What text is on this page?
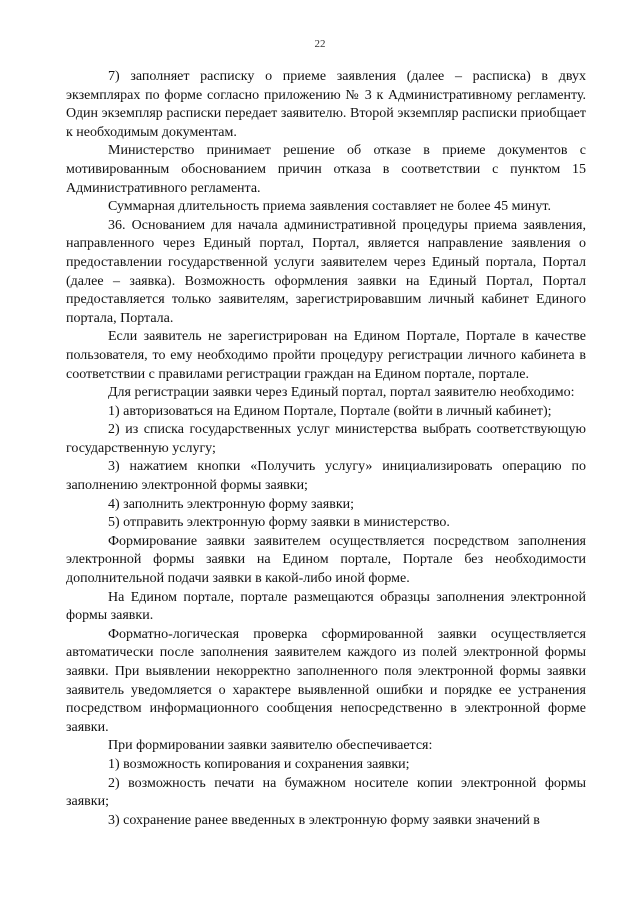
22

7) заполняет расписку о приеме заявления (далее – расписка) в двух экземплярах по форме согласно приложению № 3 к Административному регламенту. Один экземпляр расписки передает заявителю. Второй экземпляр расписки приобщает к необходимым документам.

Министерство принимает решение об отказе в приеме документов с мотивированным обоснованием причин отказа в соответствии с пунктом 15 Административного регламента.

Суммарная длительность приема заявления составляет не более 45 минут.

36. Основанием для начала административной процедуры приема заявления, направленного через Единый портал, Портал, является направление заявления о предоставлении государственной услуги заявителем через Единый портала, Портал (далее – заявка). Возможность оформления заявки на Единый Портал, Портал предоставляется только заявителям, зарегистрировавшим личный кабинет Единого портала, Портала.

Если заявитель не зарегистрирован на Едином Портале, Портале в качестве пользователя, то ему необходимо пройти процедуру регистрации личного кабинета в соответствии с правилами регистрации граждан на Едином портале, портале.

Для регистрации заявки через Единый портал, портал заявителю необходимо:

1) авторизоваться на Едином Портале, Портале (войти в личный кабинет);

2) из списка государственных услуг министерства выбрать соответствующую государственную услугу;

3) нажатием кнопки «Получить услугу» инициализировать операцию по заполнению электронной формы заявки;

4) заполнить электронную форму заявки;

5) отправить электронную форму заявки в министерство.

Формирование заявки заявителем осуществляется посредством заполнения электронной формы заявки на Едином портале, Портале без необходимости дополнительной подачи заявки в какой-либо иной форме.

На Едином портале, портале размещаются образцы заполнения электронной формы заявки.

Форматно-логическая проверка сформированной заявки осуществляется автоматически после заполнения заявителем каждого из полей электронной формы заявки. При выявлении некорректно заполненного поля электронной формы заявки заявитель уведомляется о характере выявленной ошибки и порядке ее устранения посредством информационного сообщения непосредственно в электронной форме заявки.

При формировании заявки заявителю обеспечивается:

1) возможность копирования и сохранения заявки;

2) возможность печати на бумажном носителе копии электронной формы заявки;

3) сохранение ранее введенных в электронную форму заявки значений в
